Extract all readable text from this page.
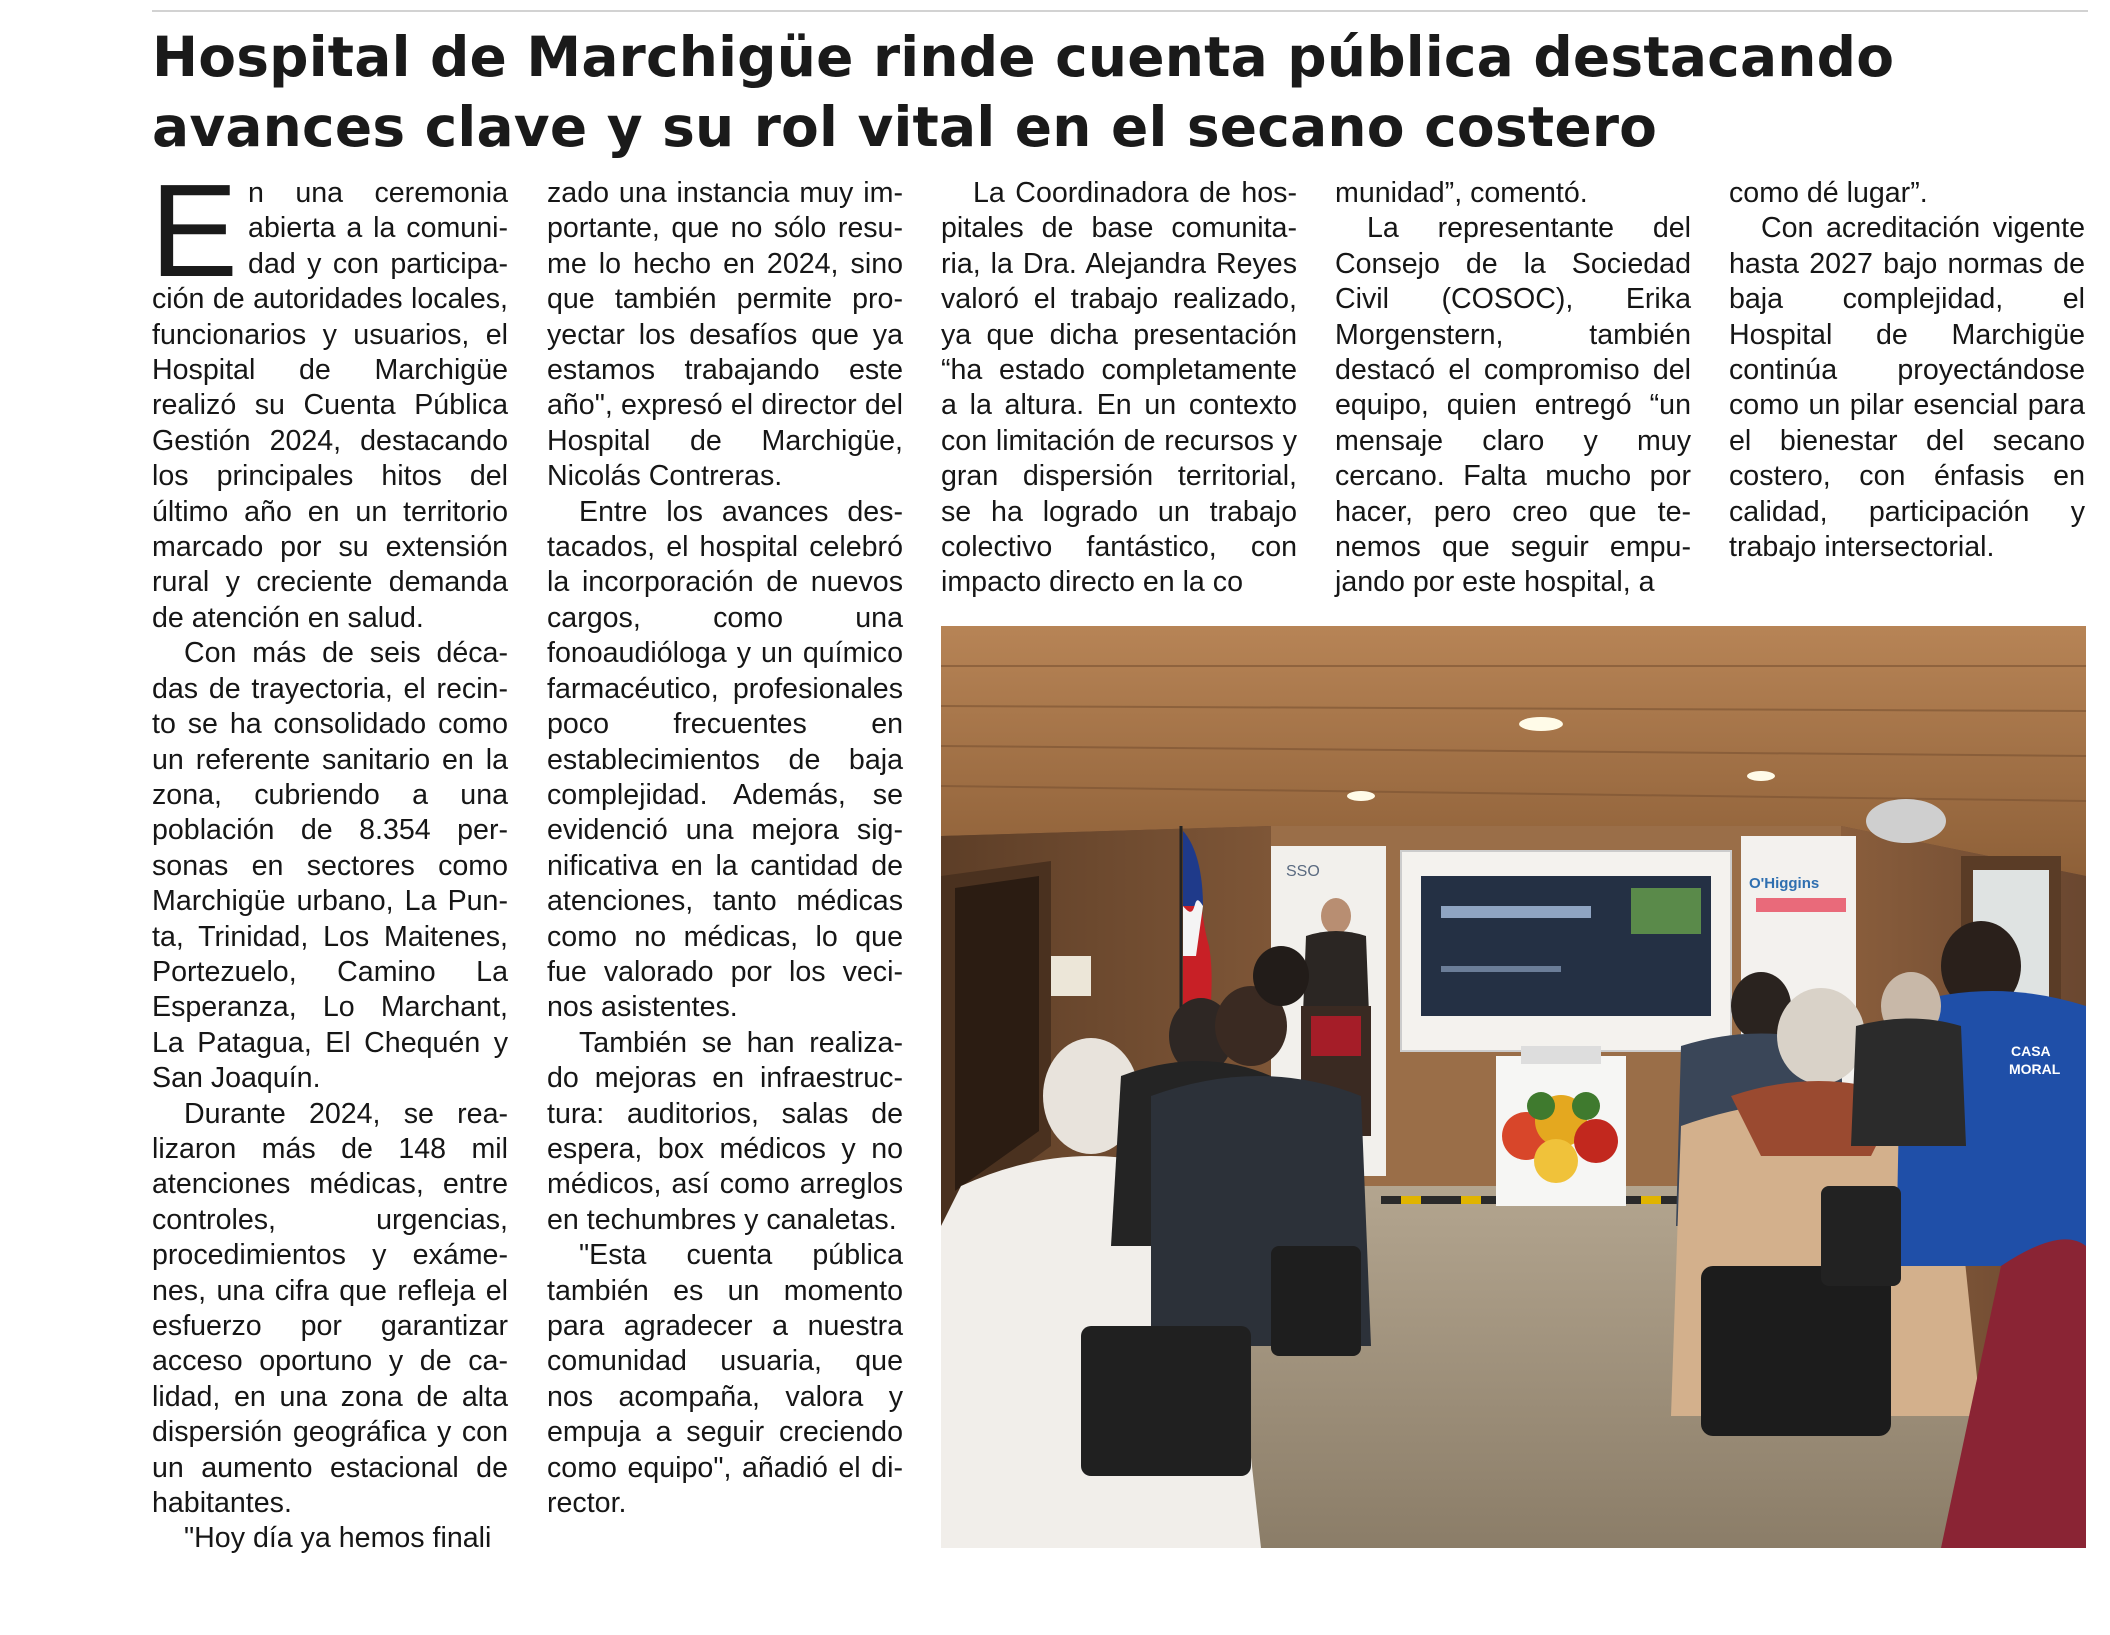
Hospital de Marchigüe rinde cuenta pública destacando avances clave y su rol vital en el secano costero

En una ceremonia abierta a la comunidad y con participación de autoridades locales, funcionarios y usuarios, el Hospital de Marchigüe realizó su Cuenta Pública Gestión 2024, destacando los principales hitos del último año en un territorio marcado por su extensión rural y creciente demanda de atención en salud.

Con más de seis décadas de trayectoria, el recinto se ha consolidado como un referente sanitario en la zona, cubriendo a una población de 8.354 personas en sectores como Marchigüe urbano, La Punta, Trinidad, Los Maitenes, Portezuelo, Camino La Esperanza, Lo Marchant, La Patagua, El Chequén y San Joaquín.

Durante 2024, se realizaron más de 148 mil atenciones médicas, entre controles, urgencias, procedimientos y exámenes, una cifra que refleja el esfuerzo por garantizar acceso oportuno y de calidad, en una zona de alta dispersión geográfica y con un aumento estacional de habitantes.

"Hoy día ya hemos finali

zado una instancia muy importante, que no sólo resume lo hecho en 2024, sino que también permite proyectar los desafíos que ya estamos trabajando este año", expresó el director del Hospital de Marchigüe, Nicolás Contreras.

Entre los avances destacados, el hospital celebró la incorporación de nuevos cargos, como una fonoaudióloga y un químico farmacéutico, profesionales poco frecuentes en establecimientos de baja complejidad. Además, se evidenció una mejora significativa en la cantidad de atenciones, tanto médicas como no médicas, lo que fue valorado por los vecinos asistentes.

También se han realizado mejoras en infraestructura: auditorios, salas de espera, box médicos y no médicos, así como arreglos en techumbres y canaletas.

"Esta cuenta pública también es un momento para agradecer a nuestra comunidad usuaria, que nos acompaña, valora y empuja a seguir creciendo como equipo", añadió el director.

La Coordinadora de hospitales de base comunitaria, la Dra. Alejandra Reyes valoró el trabajo realizado, ya que dicha presentación “ha estado completamente a la altura. En un contexto con limitación de recursos y gran dispersión territorial, se ha logrado un trabajo colectivo fantástico, con impacto directo en la co

munidad”, comentó.

La representante del Consejo de la Sociedad Civil (COSOC), Erika Morgenstern, también destacó el compromiso del equipo, quien entregó “un mensaje claro y muy cercano. Falta mucho por hacer, pero creo que tenemos que seguir empujando por este hospital, a

como dé lugar”.

Con acreditación vigente hasta 2027 bajo normas de baja complejidad, el Hospital de Marchigüe continúa proyectándose como un pilar esencial para el bienestar del secano costero, con énfasis en calidad, participación y trabajo intersectorial.

SSO
O'Higgins
CASA
MORAL
